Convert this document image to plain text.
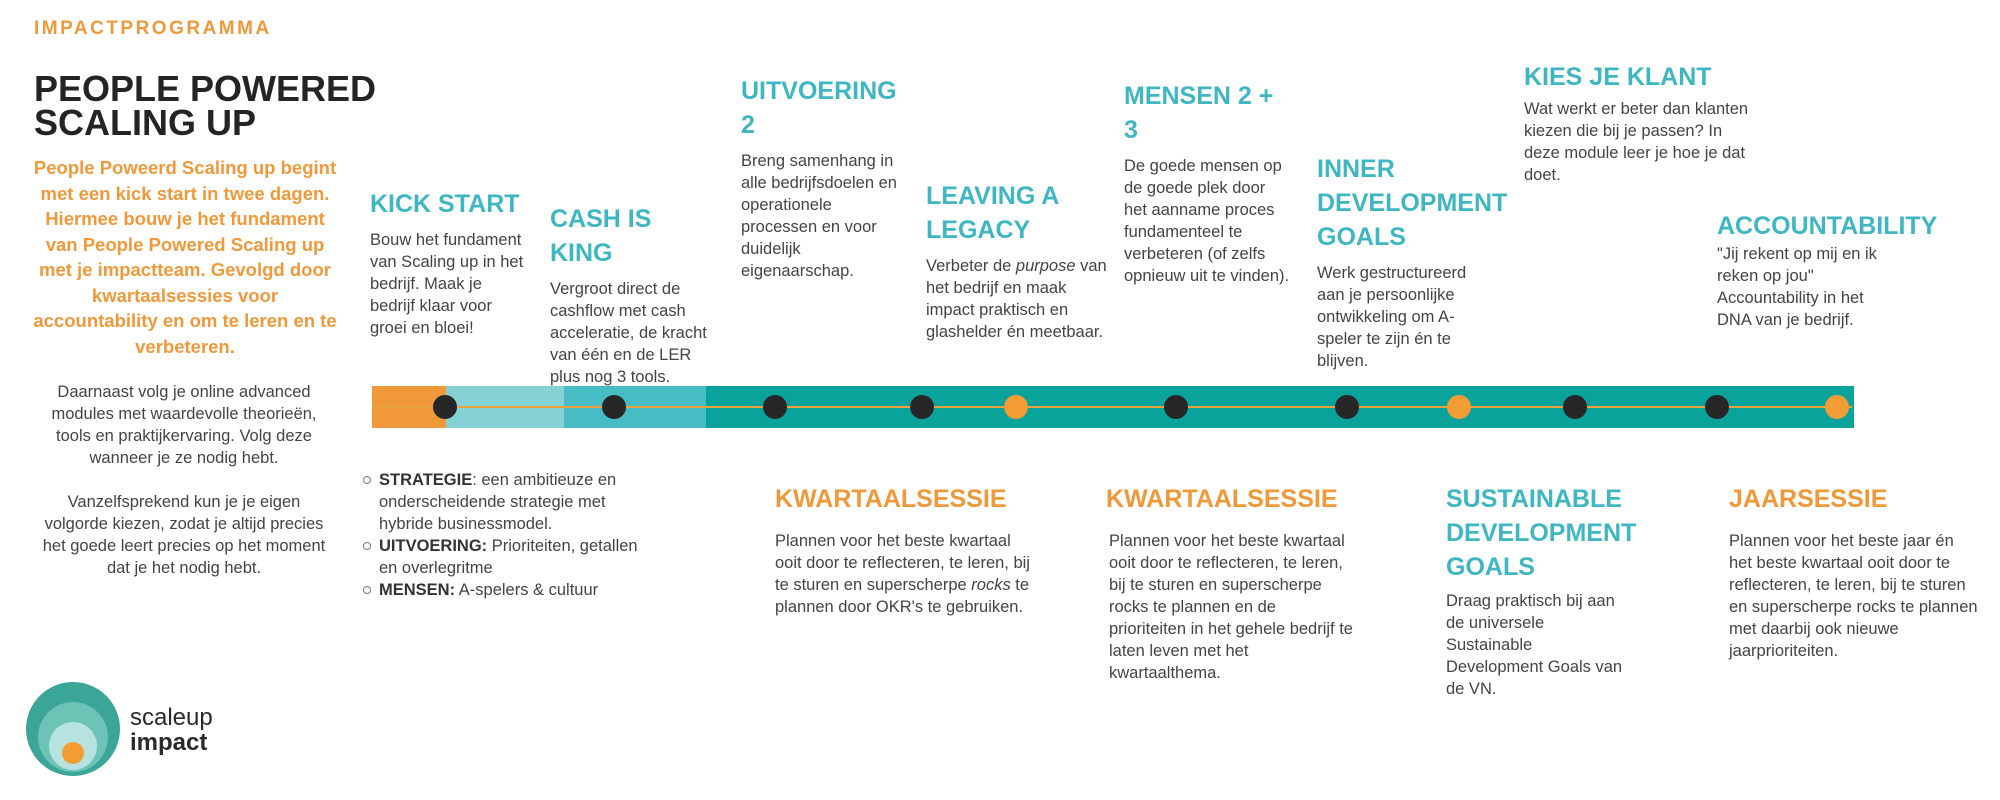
IMPACTPROGRAMMA
PEOPLE POWERED
SCALING UP
People Poweerd Scaling up begint met een kick start in twee dagen. Hiermee bouw je het fundament van People Powered Scaling up met je impactteam. Gevolgd door kwartaalsessies voor accountability en om te leren en te verbeteren.
Daarnaast volg je online advanced modules met waardevolle theorieën, tools en praktijkervaring. Volg deze wanneer je ze nodig hebt.
Vanzelfsprekend kun je je eigen volgorde kiezen, zodat je altijd precies het goede leert precies op het moment dat je het nodig hebt.
STRATEGIE: een ambitieuze en onderscheidende strategie met hybride businessmodel.
UITVOERING: Prioriteiten, getallen en overlegritme
MENSEN: A-spelers & cultuur
KICK START
Bouw het fundament van Scaling up in het bedrijf. Maak je bedrijf klaar voor groei en bloei!
CASH IS KING
Vergroot direct de cashflow met cash acceleratie, de kracht van één en de LER plus nog 3 tools.
UITVOERING 2
Breng samenhang in alle bedrijfsdoelen en operationele processen en voor duidelijk eigenaarschap.
LEAVING A
LEGACY
Verbeter de purpose van het bedrijf en maak impact praktisch en glashelder én meetbaar.
MENSEN 2 + 3
De goede mensen op de goede plek door het aanname proces fundamenteel te verbeteren (of zelfs opnieuw uit te vinden).
INNER
DEVELOPMENT
GOALS
Werk gestructureerd aan je persoonlijke ontwikkeling om A-speler te zijn én te blijven.
KIES JE KLANT
Wat werkt er beter dan klanten kiezen die bij je passen? In deze module leer je hoe je dat doet.
ACCOUNTABILITY
"Jij rekent op mij en ik reken op jou" Accountability in het DNA van je bedrijf.
KWARTAALSESSIE
Plannen voor het beste kwartaal ooit door te reflecteren, te leren, bij te sturen en superscherpe rocks te plannen door OKR's te gebruiken.
KWARTAALSESSIE
Plannen voor het beste kwartaal ooit door te reflecteren, te leren, bij te sturen en superscherpe rocks te plannen en de prioriteiten in het gehele bedrijf te laten leven met het kwartaalthema.
SUSTAINABLE
DEVELOPMENT
GOALS
Draag praktisch bij aan de universele Sustainable Development Goals van de VN.
JAARSESSIE
Plannen voor het beste jaar én het beste kwartaal ooit door te reflecteren, te leren, bij te sturen en superscherpe rocks te plannen met daarbij ook nieuwe jaarprioriteiten.
scaleup
impact
